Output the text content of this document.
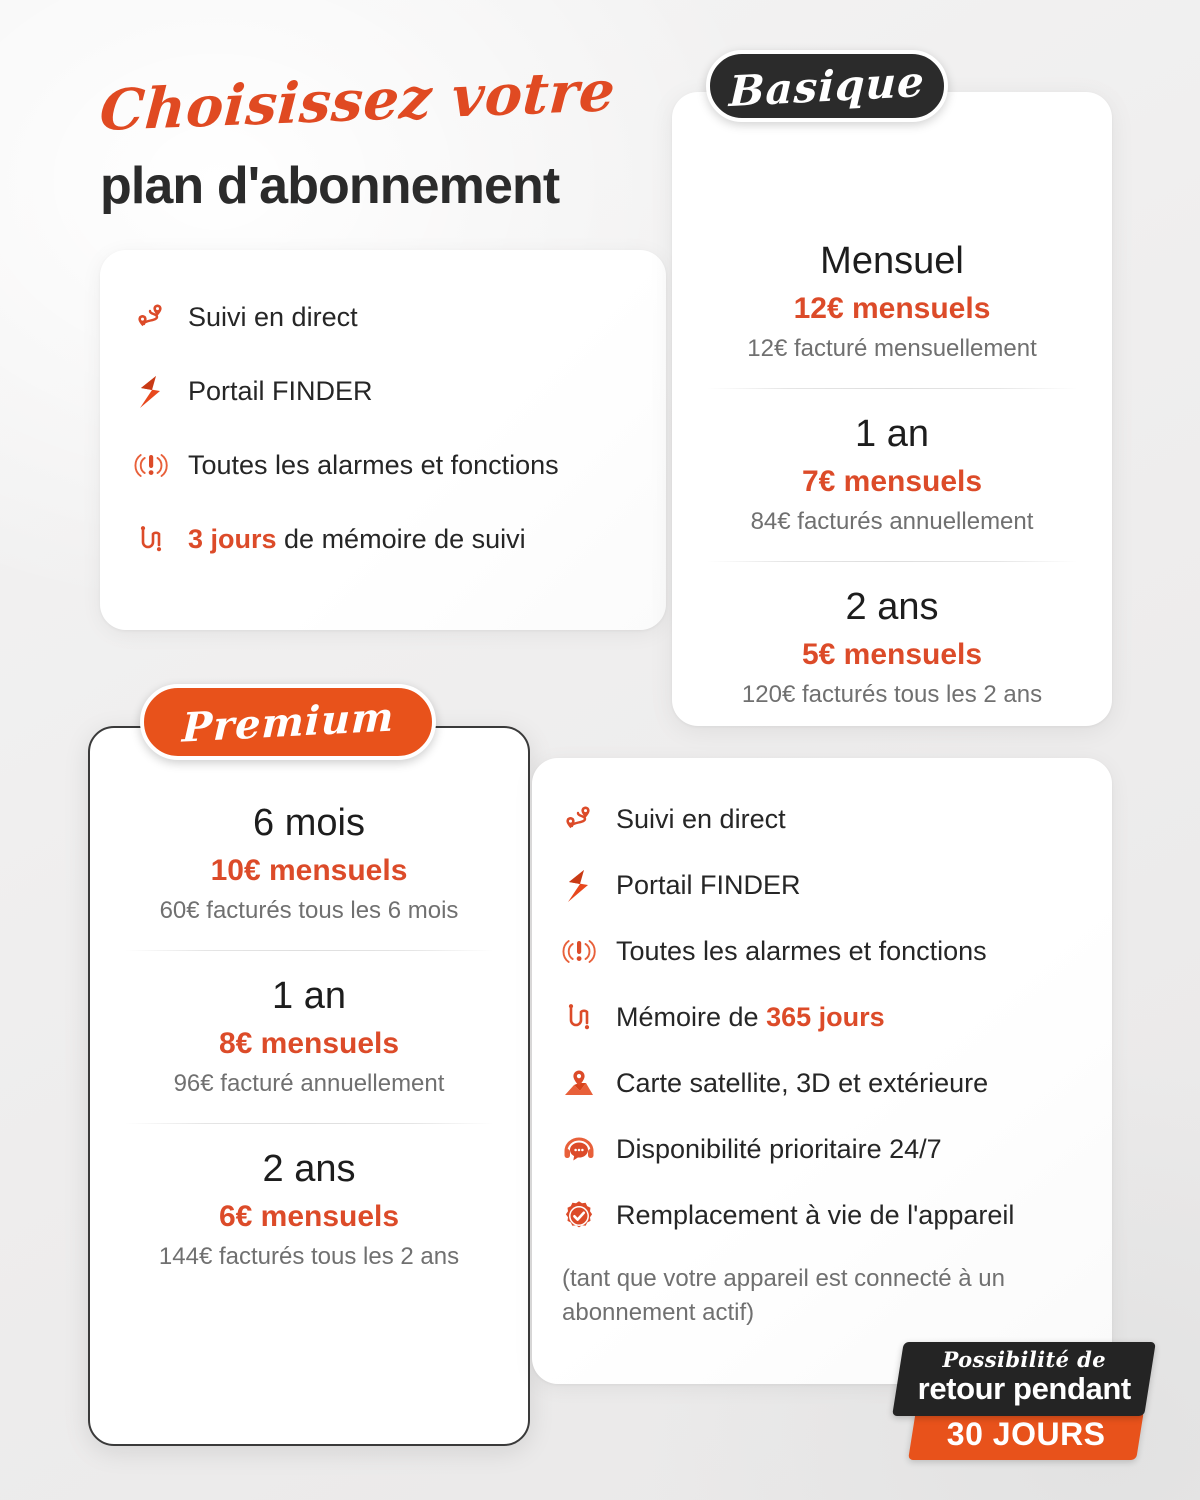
Choisissez votre
plan d'abonnement
Suivi en direct
Portail FINDER
Toutes les alarmes et fonctions
3 jours de mémoire de suivi
Mensuel
12€ mensuels
12€ facturé mensuellement
1 an
7€ mensuels
84€ facturés annuellement
2 ans
5€ mensuels
120€ facturés tous les 2 ans
Basique
6 mois
10€ mensuels
60€ facturés tous les 6 mois
1 an
8€ mensuels
96€ facturé annuellement
2 ans
6€ mensuels
144€ facturés tous les 2 ans
Premium
Suivi en direct
Portail FINDER
Toutes les alarmes et fonctions
Mémoire de 365 jours
Carte satellite, 3D et extérieure
Disponibilité prioritaire 24/7
Remplacement à vie de l'appareil
(tant que votre appareil est connecté à un abonnement actif)
Possibilité de
retour pendant
30 JOURS
